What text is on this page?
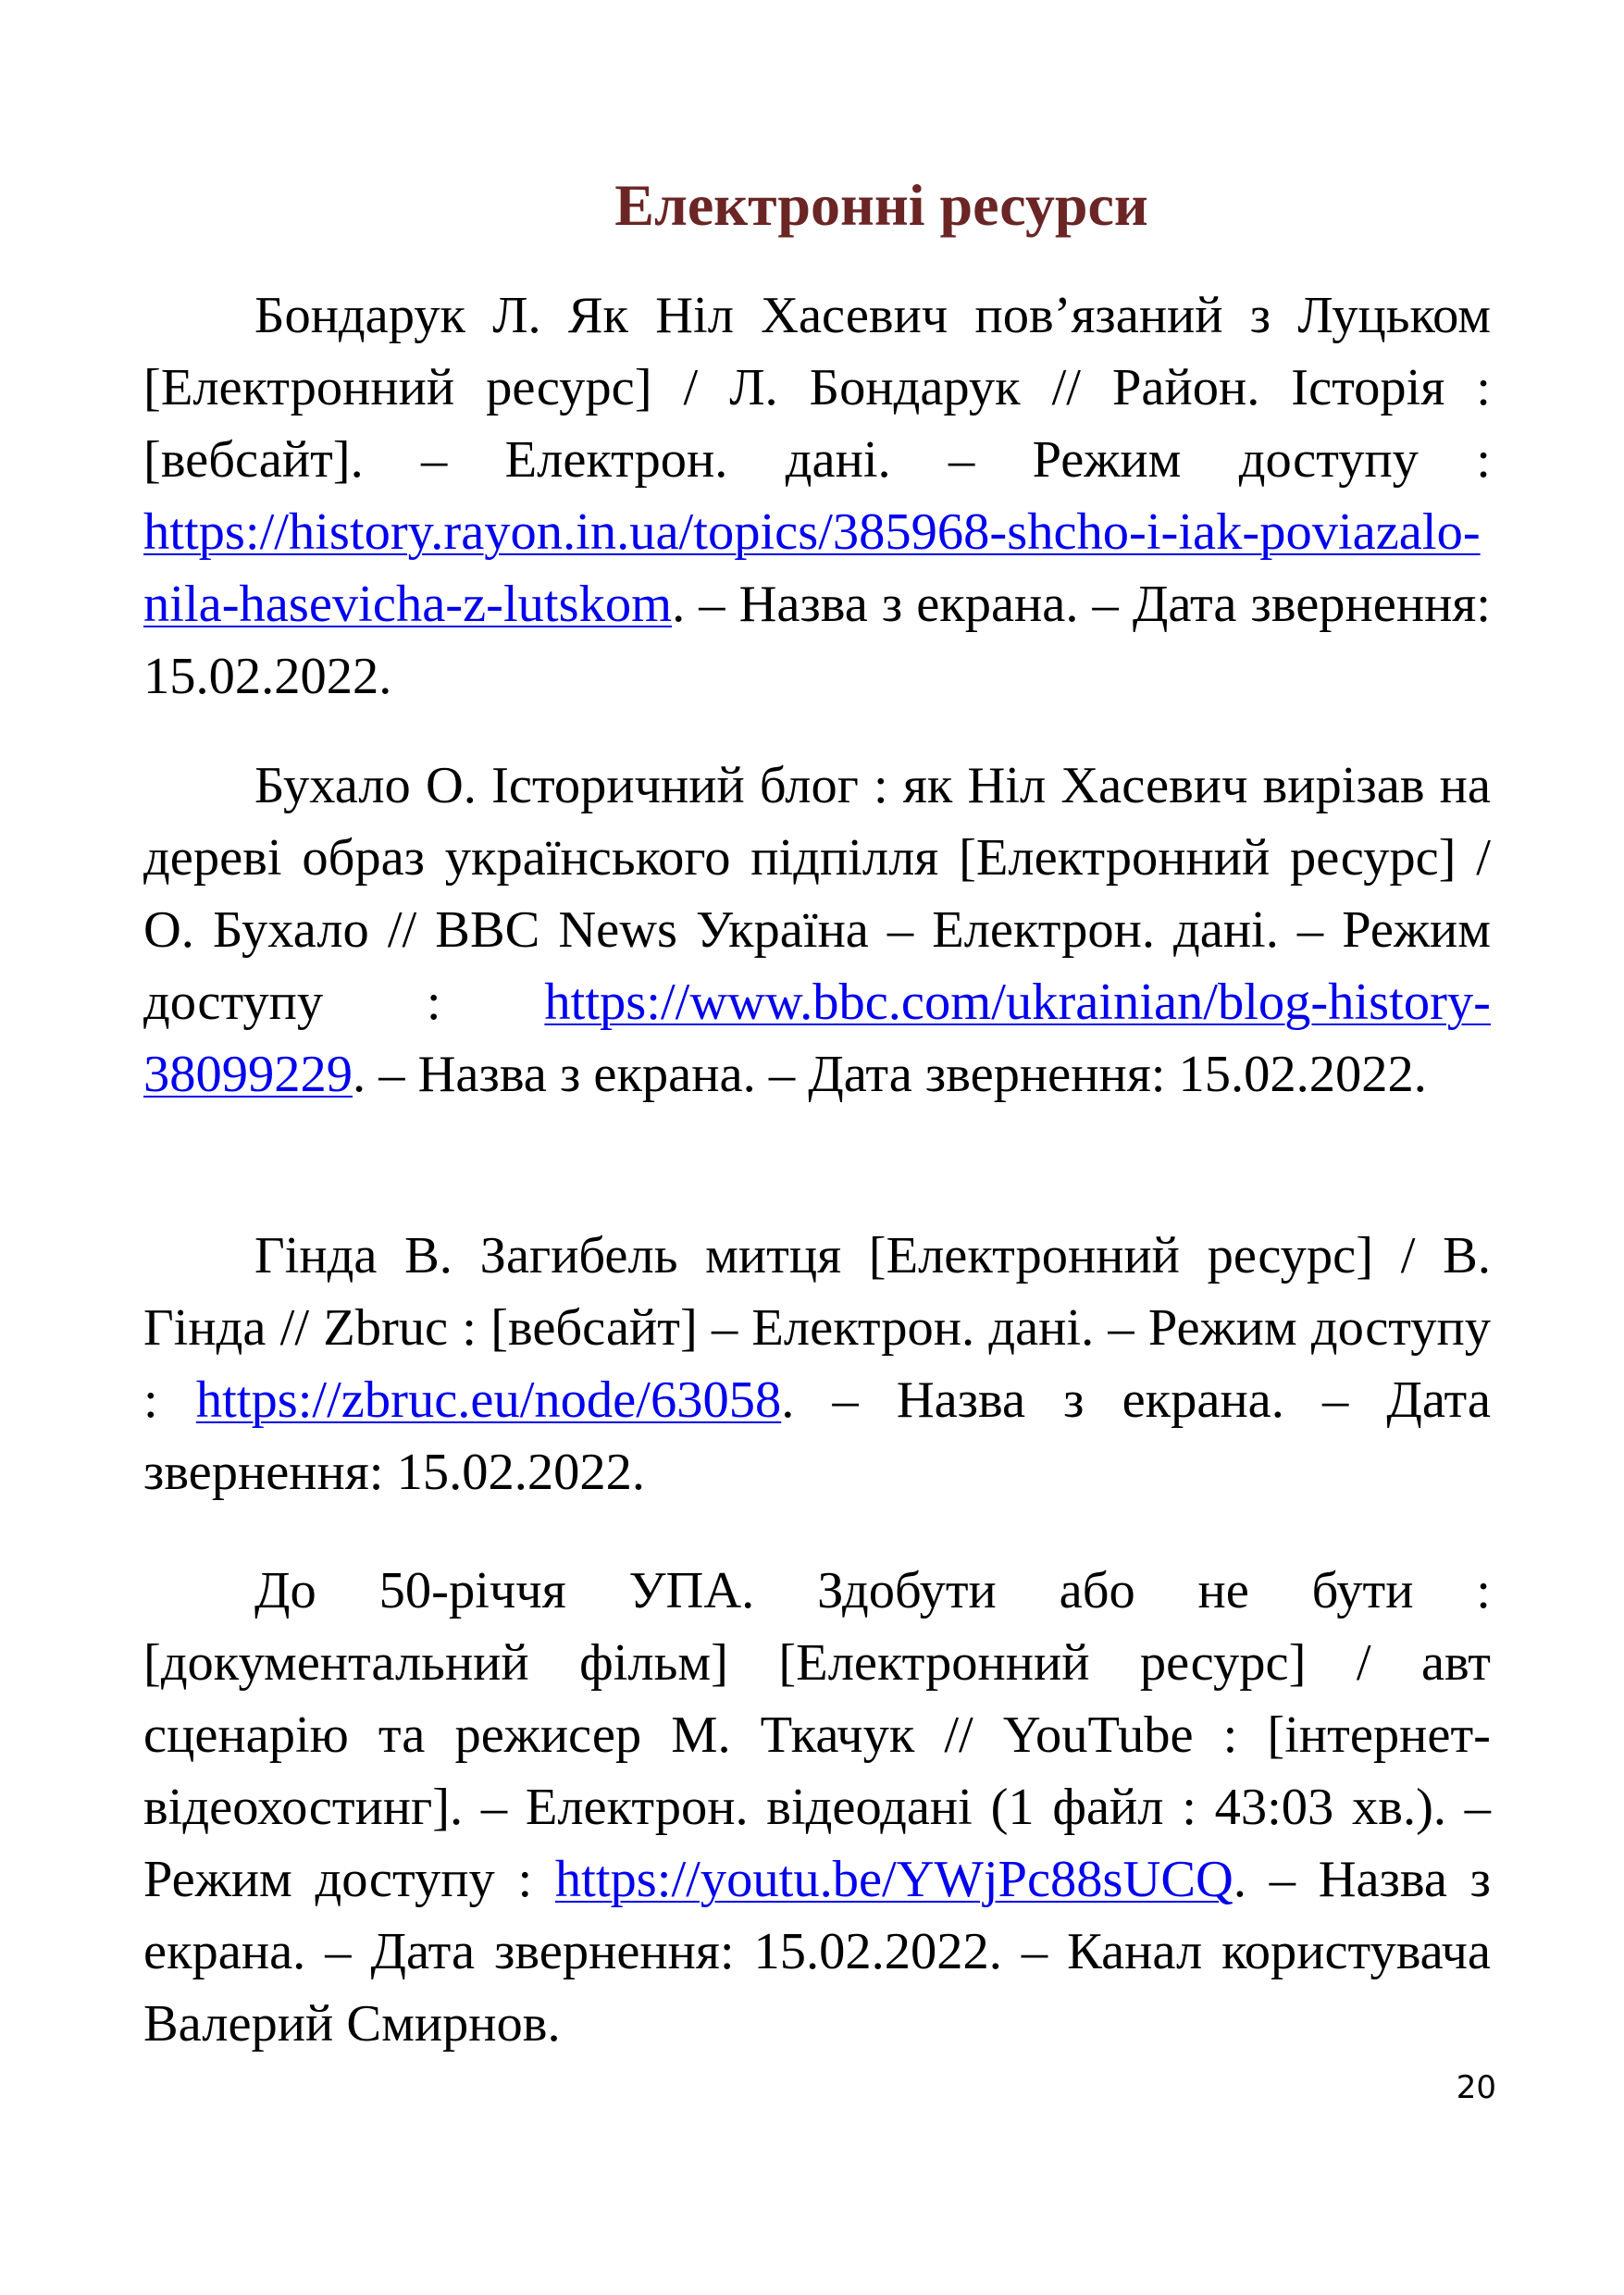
Електронні ресурси

Бондарук Л. Як Ніл Хасевич пов’язаний з Луцьком [Електронний ресурс] / Л. Бондарук // Район. Історія : [вебсайт]. – Електрон. дані. – Режим доступу : https://history.rayon.in.ua/topics/385968-shcho-i-iak-poviazalo-nila-hasevicha-z-lutskom. – Назва з екрана. – Дата звернення: 15.02.2022.

Бухало О. Історичний блог : як Ніл Хасевич вирізав на дереві образ українського підпілля [Електронний ресурс] / О. Бухало // BBC News Україна – Електрон. дані. – Режим доступу : https://www.bbc.com/ukrainian/blog-history-38099229. – Назва з екрана. – Дата звернення: 15.02.2022.

Гінда В. Загибель митця [Електронний ресурс] / В. Гінда // Zbruc : [вебсайт] – Електрон. дані. – Режим доступу : https://zbruc.eu/node/63058. – Назва з екрана. – Дата звернення: 15.02.2022.

До 50-річчя УПА. Здобути або не бути : [документальний фільм] [Електронний ресурс] / авт сценарію та режисер М. Ткачук // YouTube : [інтернет-відеохостинг]. – Електрон. відеодані (1 файл : 43:03 хв.). – Режим доступу : https://youtu.be/YWjPc88sUCQ. – Назва з екрана. – Дата звернення: 15.02.2022. – Канал користувача Валерий Смирнов.

20
